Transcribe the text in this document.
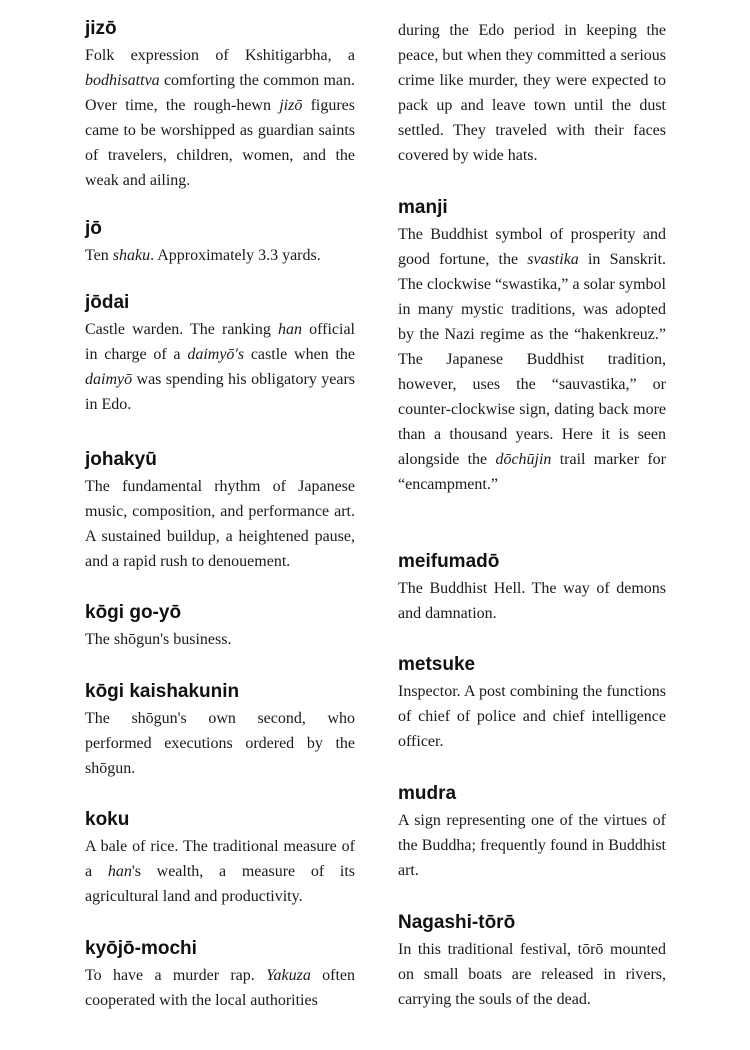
jizō

Folk expression of Kshitigarbha, a bodhisattva comforting the common man. Over time, the rough-hewn jizō figures came to be worshipped as guardian saints of travelers, children, women, and the weak and ailing.

jō

Ten shaku. Approximately 3.3 yards.

jōdai

Castle warden. The ranking han official in charge of a daimyō's castle when the daimyō was spending his obligatory years in Edo.

johakyū

The fundamental rhythm of Japanese music, composition, and performance art. A sustained buildup, a heightened pause, and a rapid rush to denouement.

kōgi go-yō

The shōgun's business.

kōgi kaishakunin

The shōgun's own second, who performed executions ordered by the shōgun.

koku

A bale of rice. The traditional measure of a han's wealth, a measure of its agricultural land and productivity.

kyōjō-mochi

To have a murder rap. Yakuza often cooperated with the local authorities

during the Edo period in keeping the peace, but when they committed a serious crime like murder, they were expected to pack up and leave town until the dust settled. They traveled with their faces covered by wide hats.

manji

The Buddhist symbol of prosperity and good fortune, the svastika in Sanskrit. The clockwise “swastika,” a solar symbol in many mystic traditions, was adopted by the Nazi regime as the “hakenkreuz.” The Japanese Buddhist tradition, however, uses the “sauvastika,” or counter-clockwise sign, dating back more than a thousand years. Here it is seen alongside the dōchūjin trail marker for “encampment.”

meifumadō

The Buddhist Hell. The way of demons and damnation.

metsuke

Inspector. A post combining the functions of chief of police and chief intelligence officer.

mudra

A sign representing one of the virtues of the Buddha; frequently found in Buddhist art.

Nagashi-tōrō

In this traditional festival, tōrō mounted on small boats are released in rivers, carrying the souls of the dead.
